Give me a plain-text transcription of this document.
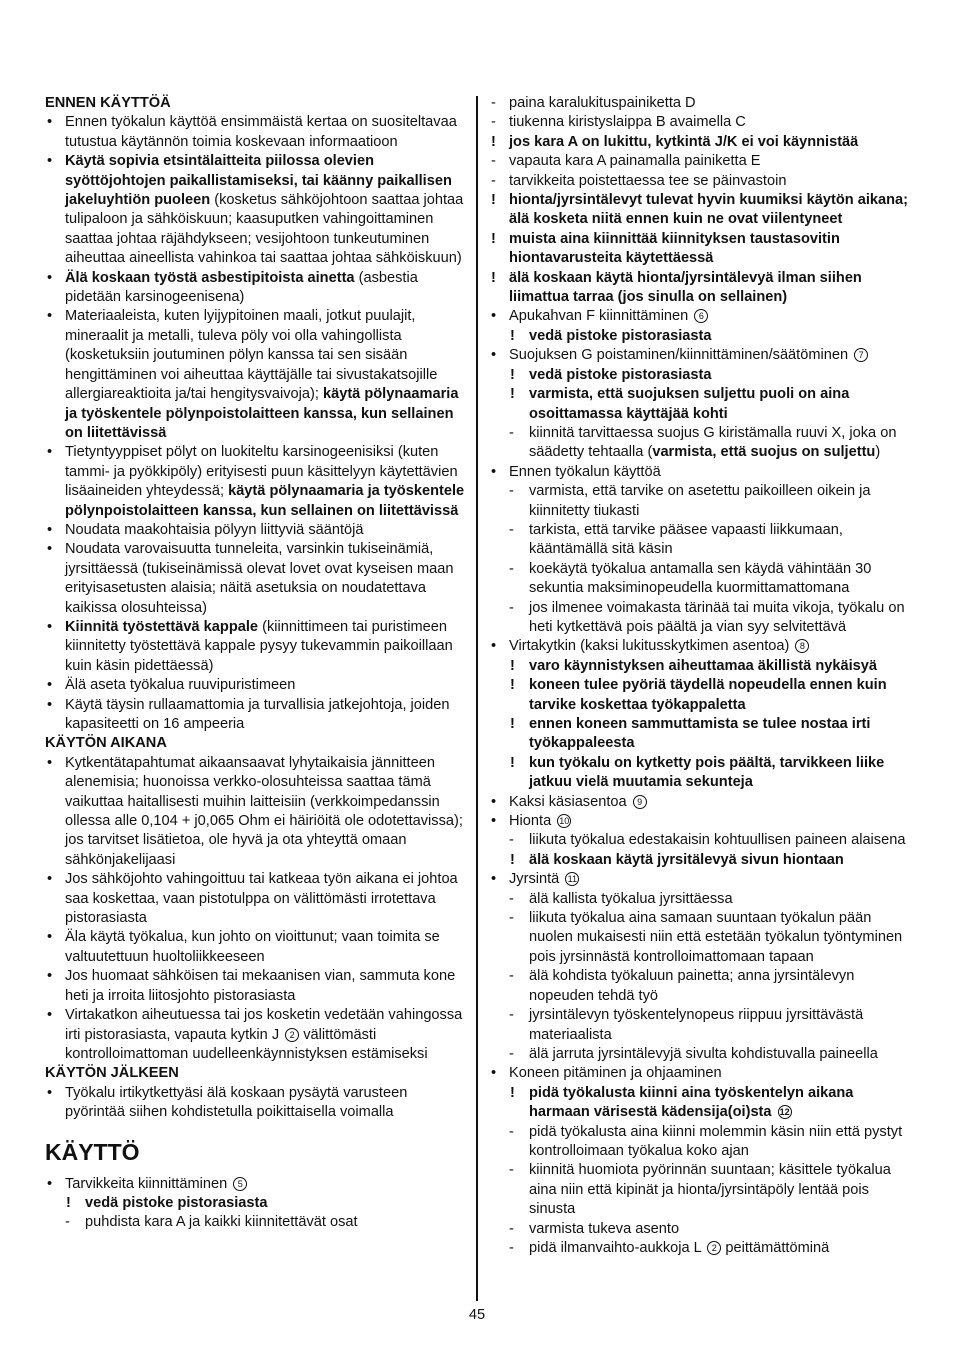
ENNEN KÄYTTÖÄ
• Ennen työkalun käyttöä ensimmäistä kertaa on suositeltavaa tutustua käytännön toimia koskevaan informaatioon
• Käytä sopivia etsintälaitteita piilossa olevien syöttöjohtojen paikallistamiseksi, tai käänny paikallisen jakeluyhtiön puoleen (kosketus sähköjohtoon saattaa johtaa tulipaloon ja sähköiskuun; kaasuputken vahingoittaminen saattaa johtaa räjähdykseen; vesijohtoon tunkeutuminen aiheuttaa aineellista vahinkoa tai saattaa johtaa sähköiskuun)
• Älä koskaan työstä asbestipitoista ainetta (asbestia pidetään karsinogeenisena)
• Materiaaleista, kuten lyijypitoinen maali, jotkut puulajit, mineraalit ja metalli, tuleva pöly voi olla vahingollista (kosketuksiin joutuminen pölyn kanssa tai sen sisään hengittäminen voi aiheuttaa käyttäjälle tai sivustakatsojille allergiareaktioita ja/tai hengitysvaivoja); käytä pölynaamaria ja työskentele pölynpoistolaitteen kanssa, kun sellainen on liitettävissä
• Tietyntyyppiset pölyt on luokiteltu karsinogeenisiksi (kuten tammi- ja pyökkipöly) erityisesti puun käsittelyyn käytettävien lisäaineiden yhteydessä; käytä pölynaamaria ja työskentele pölynpoistolaitteen kanssa, kun sellainen on liitettävissä
• Noudata maakohtaisia pölyyn liittyviä sääntöjä
• Noudata varovaisuutta tunneleita, varsinkin tukiseinämiä, jyrsittäessä (tukiseinämissä olevat lovet ovat kyseisen maan erityisasetusten alaisia; näitä asetuksia on noudatettava kaikissa olosuhteissa)
• Kiinnitä työstettävä kappale (kiinnittimeen tai puristimeen kiinnitetty työstettävä kappale pysyy tukevammin paikoillaan kuin käsin pidettäessä)
• Älä aseta työkalua ruuvipuristimeen
• Käytä täysin rullaamattomia ja turvallisia jatkejohtoja, joiden kapasiteetti on 16 ampeeria
KÄYTÖN AIKANA
• Kytkentätapahtumat aikaansaavat lyhytaikaisia jännitteen alenemisia; huonoissa verkko-olosuhteissa saattaa tämä vaikuttaa haitallisesti muihin laitteisiin (verkkoimpedanssin ollessa alle 0,104 + j0,065 Ohm ei häiriöitä ole odotettavissa); jos tarvitset lisätietoa, ole hyvä ja ota yhteyttä omaan sähkönjakelijaasi
• Jos sähköjohto vahingoittuu tai katkeaa työn aikana ei johtoa saa koskettaa, vaan pistotulppa on välittömästi irrotettava pistorasiasta
• Äla käytä työkalua, kun johto on vioittunut; vaan toimita se valtuutettuun huoltoliikkeeseen
• Jos huomaat sähköisen tai mekaanisen vian, sammuta kone heti ja irroita liitosjohto pistorasiasta
• Virtakatkon aiheutuessa tai jos kosketin vedetään vahingossa irti pistorasiasta, vapauta kytkin J 2 välittömästi kontrolloimattoman uudelleenkäynnistyksen estämiseksi
KÄYTÖN JÄLKEEN
• Työkalu irtikytkettyäsi älä koskaan pysäytä varusteen pyörintää siihen kohdistetulla poikittaisella voimalla
KÄYTTÖ
• Tarvikkeita kiinnittäminen 5
! vedä pistoke pistorasiasta
- puhdista kara A ja kaikki kiinnitettävät osat
- paina karalukituspainiketta D
- tiukenna kiristyslaippa B avaimella C
! jos kara A on lukittu, kytkintä J/K ei voi käynnistää
- vapauta kara A painamalla painiketta E
- tarvikkeita poistettaessa tee se päinvastoin
! hionta/jyrsintälevyt tulevat hyvin kuumiksi käytön aikana; älä kosketa niitä ennen kuin ne ovat viilentyneet
! muista aina kiinnittää kiinnityksen taustasovitin hiontavarusteita käytettäessä
! älä koskaan käytä hionta/jyrsintälevyä ilman siihen liimattua tarraa (jos sinulla on sellainen)
• Apukahvan F kiinnittäminen 6
! vedä pistoke pistorasiasta
• Suojuksen G poistaminen/kiinnittäminen/säätöminen 7
! vedä pistoke pistorasiasta
! varmista, että suojuksen suljettu puoli on aina osoittamassa käyttäjää kohti
- kiinnitä tarvittaessa suojus G kiristämalla ruuvi X, joka on säädetty tehtaalla (varmista, että suojus on suljettu)
• Ennen työkalun käyttöä
- varmista, että tarvike on asetettu paikoilleen oikein ja kiinnitetty tiukasti
- tarkista, että tarvike pääsee vapaasti liikkumaan, kääntämällä sitä käsin
- koekäytä työkalua antamalla sen käydä vähintään 30 sekuntia maksiminopeudella kuormittamattomana
- jos ilmenee voimakasta tärinää tai muita vikoja, työkalu on heti kytkettävä pois päältä ja vian syy selvitettävä
• Virtakytkin (kaksi lukitusskytkimen asentoa) 8
! varo käynnistyksen aiheuttamaa äkillistä nykäisyä
! koneen tulee pyöriä täydellä nopeudella ennen kuin tarvike koskettaa työkappaletta
! ennen koneen sammuttamista se tulee nostaa irti työkappaleesta
! kun työkalu on kytketty pois päältä, tarvikkeen liike jatkuu vielä muutamia sekunteja
• Kaksi käsiasentoa 9
• Hionta 10
- liikuta työkalua edestakaisin kohtuullisen paineen alaisena
! älä koskaan käytä jyrsitälevyä sivun hiontaan
• Jyrsintä 11
- älä kallista työkalua jyrsittäessa
- liikuta työkalua aina samaan suuntaan työkalun pään nuolen mukaisesti niin että estetään työkalun työntyminen pois jyrsinnästä kontrolloimattomaan tapaan
- älä kohdista työkaluun painetta; anna jyrsintälevyn nopeuden tehdä työ
- jyrsintälevyn työskentelynopeus riippuu jyrsittävästä materiaalista
- älä jarruta jyrsintälevyjä sivulta kohdistuvalla paineella
• Koneen pitäminen ja ohjaaminen
! pidä työkalusta kiinni aina työskentelyn aikana harmaan värisestä kädensija(oi)sta 12
- pidä työkalusta aina kiinni molemmin käsin niin että pystyt kontrolloimaan työkalua koko ajan
- kiinnitä huomiota pyörinnän suuntaan; käsittele työkalua aina niin että kipinät ja hionta/jyrsintäpöly lentää pois sinusta
- varmista tukeva asento
- pidä ilmanvaihto-aukkoja L 2 peittämättöminä
45
